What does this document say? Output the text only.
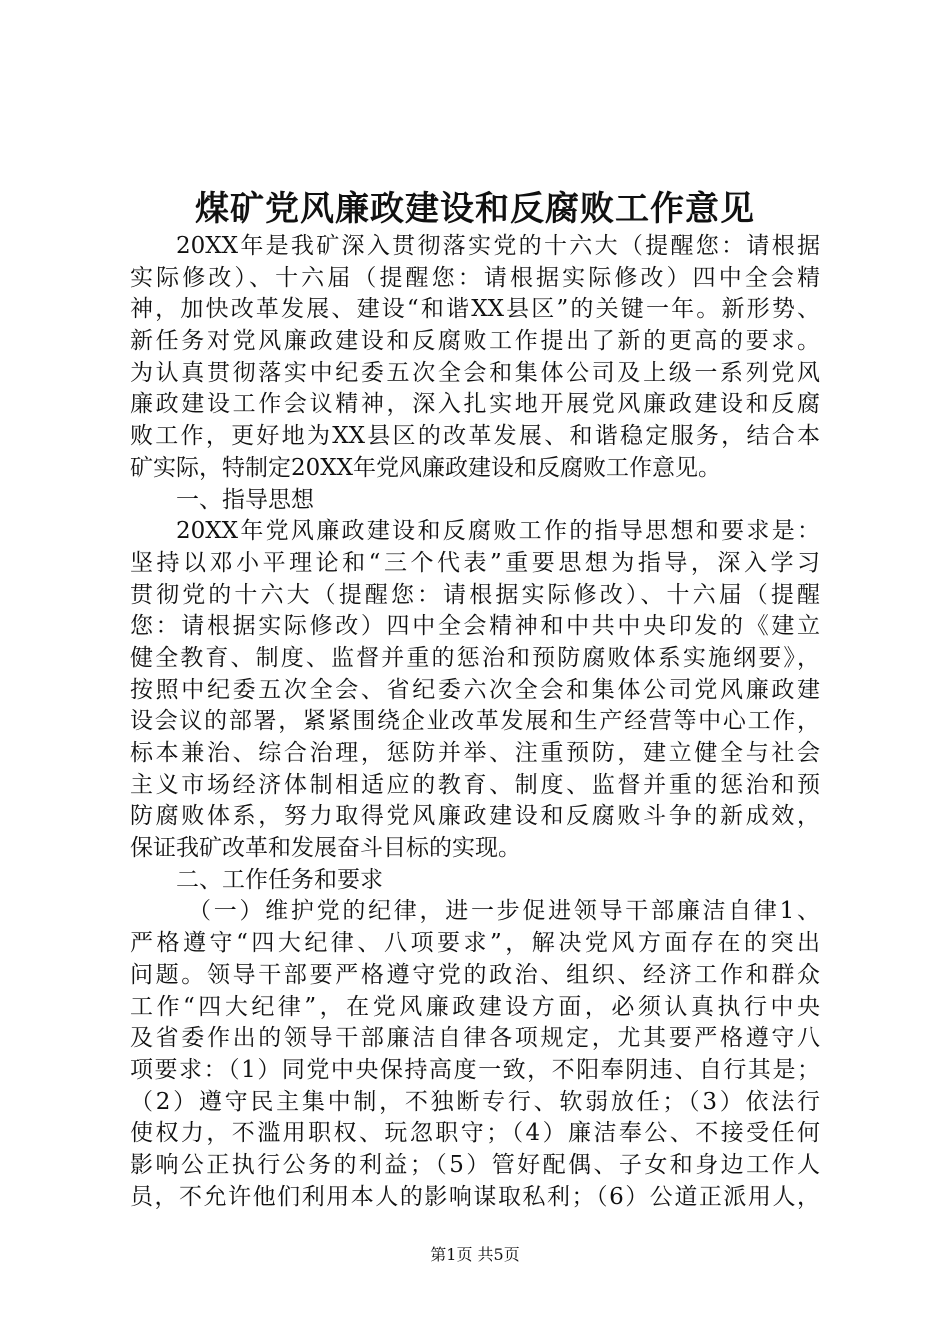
煤矿党风廉政建设和反腐败工作意见
20XX年是我矿深入贯彻落实党的十六大（提醒您：请根据
实际修改）、十六届（提醒您：请根据实际修改）四中全会精
神，加快改革发展、建设“和谐XX县区”的关键一年。新形势、
新任务对党风廉政建设和反腐败工作提出了新的更高的要求。
为认真贯彻落实中纪委五次全会和集体公司及上级一系列党风
廉政建设工作会议精神，深入扎实地开展党风廉政建设和反腐
败工作，更好地为XX县区的改革发展、和谐稳定服务，结合本
矿实际，特制定20XX年党风廉政建设和反腐败工作意见。
一、指导思想
20XX年党风廉政建设和反腐败工作的指导思想和要求是：
坚持以邓小平理论和“三个代表”重要思想为指导，深入学习
贯彻党的十六大（提醒您：请根据实际修改）、十六届（提醒
您：请根据实际修改）四中全会精神和中共中央印发的《建立
健全教育、制度、监督并重的惩治和预防腐败体系实施纲要》，
按照中纪委五次全会、省纪委六次全会和集体公司党风廉政建
设会议的部署，紧紧围绕企业改革发展和生产经营等中心工作，
标本兼治、综合治理，惩防并举、注重预防，建立健全与社会
主义市场经济体制相适应的教育、制度、监督并重的惩治和预
防腐败体系，努力取得党风廉政建设和反腐败斗争的新成效，
保证我矿改革和发展奋斗目标的实现。
二、工作任务和要求
（一）维护党的纪律，进一步促进领导干部廉洁自律1、
严格遵守“四大纪律、八项要求”，解决党风方面存在的突出
问题。领导干部要严格遵守党的政治、组织、经济工作和群众
工作“四大纪律”，在党风廉政建设方面，必须认真执行中央
及省委作出的领导干部廉洁自律各项规定，尤其要严格遵守八
项要求：（1）同党中央保持高度一致，不阳奉阴违、自行其是；
（2）遵守民主集中制，不独断专行、软弱放任；（3）依法行
使权力，不滥用职权、玩忽职守；（4）廉洁奉公、不接受任何
影响公正执行公务的利益；（5）管好配偶、子女和身边工作人
员，不允许他们利用本人的影响谋取私利；（6）公道正派用人，
第1页 共5页
